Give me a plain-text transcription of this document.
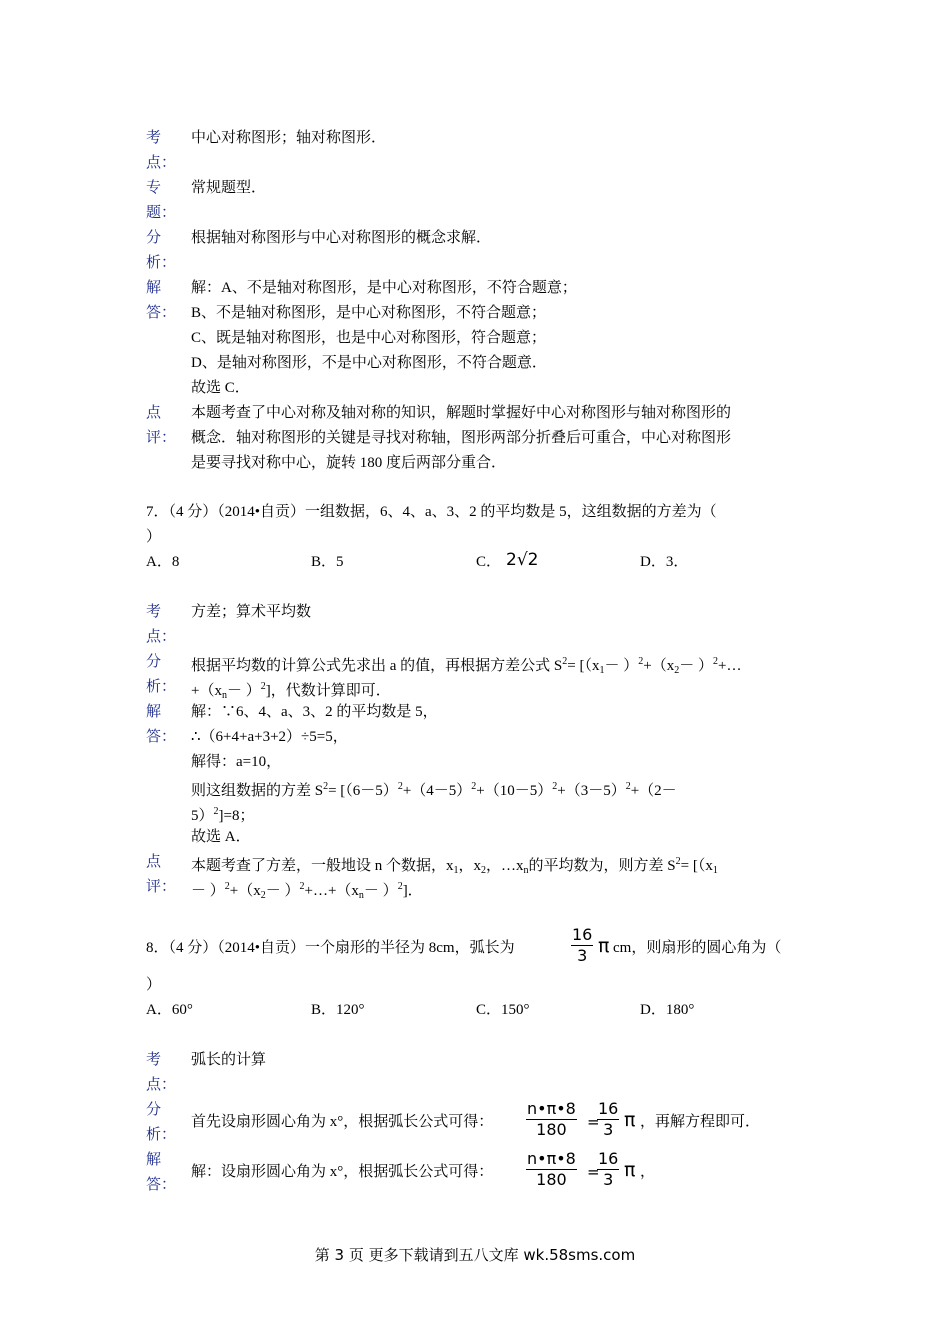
考
点：
中心对称图形；轴对称图形．
专
题：
常规题型．
分
析：
根据轴对称图形与中心对称图形的概念求解．
解
答：
解：A、不是轴对称图形，是中心对称图形，不符合题意；
B、不是轴对称图形，是中心对称图形，不符合题意；
C、既是轴对称图形，也是中心对称图形，符合题意；
D、是轴对称图形，不是中心对称图形，不符合题意．
故选 C．
点
评：
本题考查了中心对称及轴对称的知识，解题时掌握好中心对称图形与轴对称图形的
概念．轴对称图形的关键是寻找对称轴，图形两部分折叠后可重合，中心对称图形
是要寻找对称中心，旋转 180 度后两部分重合．
7．（4 分）（2014•自贡）一组数据，6、4、a、3、2 的平均数是 5，这组数据的方差为（
）
A．8	B．5	C． 2√2	D．3．
考
点：
方差；算术平均数
分
析：
根据平均数的计算公式先求出 a 的值，再根据方差公式 $S^2= [(x_1- )^2+(x_2-$ ）$^2+\dots$
$+(x_n- )^2$]，代数计算即可．
解
答：
解：∵6、4、a、3、2 的平均数是 5，
∴（6+4+a+3+2）÷5=5，
解得：a=10，
则这组数据的方差 $S^2= [(6-5)^2+(4-5)^2+(10-5)^2+(3-5)^2+(2-$
5）$^2$]=8；
故选 A．
点
评：
本题考查了方差，一般地设 n 个数据，$x_1$，$x_2$，$\dots x_n$的平均数为，则方差 $S^2= [(x_1$
－ ）$^2+(x_2-$ ）$^2+\dots+(x_n- )^2$]．
8．（4 分）（2014•自贡）一个扇形的半径为 8cm，弧长为
16
3 π cm，则扇形的圆心角为（
）
A．60°	B．120°	C．150°	D．180°
考
点：
弧长的计算
分
析：
首先设扇形圆心角为 x°，根据弧长公式可得：
n•π•8
180	=
16
3 π ，再解方程即可．
解
答：
解：设扇形圆心角为 x°，根据弧长公式可得：
n•π•8
180	=
16
3 π ，
第 3 页 更多下载请到五八文库 wk.58sms.com
